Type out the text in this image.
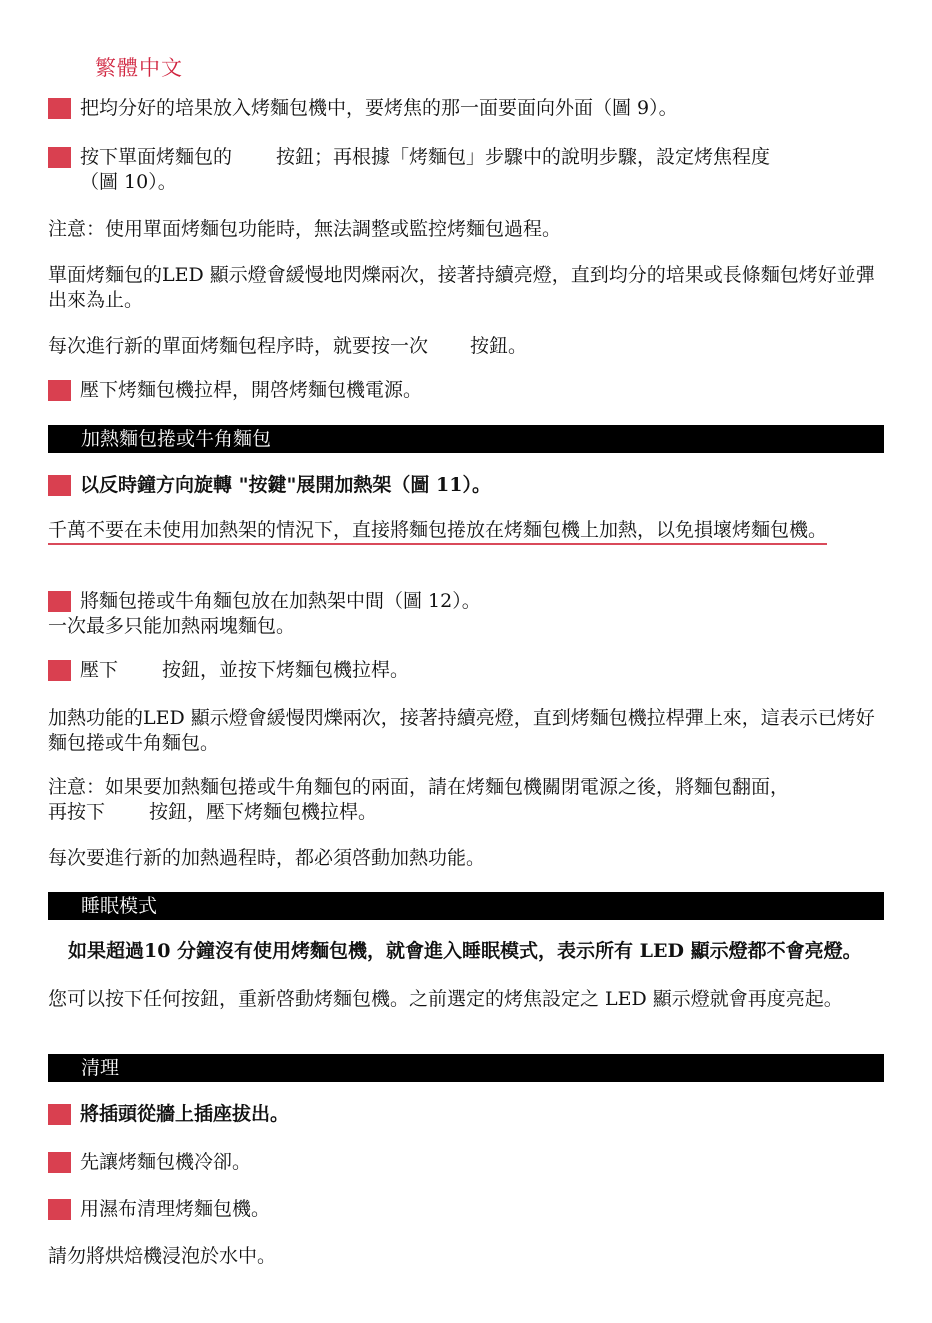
繁體中文
把均分好的培果放入烤麵包機中，要烤焦的那一面要面向外面（圖 9）。
按下單面烤麵包的 按鈕；再根據「烤麵包」步驟中的說明步驟，設定烤焦程度
（圖 10）。
注意：使用單面烤麵包功能時，無法調整或監控烤麵包過程。
單面烤麵包的LED 顯示燈會緩慢地閃爍兩次，接著持續亮燈，直到均分的培果或長條麵包烤好並彈出來為止。
每次進行新的單面烤麵包程序時，就要按一次 按鈕。
壓下烤麵包機拉桿，開啓烤麵包機電源。
加熱麵包捲或牛角麵包
以反時鐘方向旋轉 "按鍵"展開加熱架（圖 11）。
千萬不要在未使用加熱架的情況下，直接將麵包捲放在烤麵包機上加熱，以免損壞烤麵包機。
將麵包捲或牛角麵包放在加熱架中間（圖 12）。
一次最多只能加熱兩塊麵包。
壓下 按鈕，並按下烤麵包機拉桿。
加熱功能的LED 顯示燈會緩慢閃爍兩次，接著持續亮燈，直到烤麵包機拉桿彈上來，這表示已烤好麵包捲或牛角麵包。
注意：如果要加熱麵包捲或牛角麵包的兩面，請在烤麵包機關閉電源之後，將麵包翻面，
再按下 按鈕，壓下烤麵包機拉桿。
每次要進行新的加熱過程時，都必須啓動加熱功能。
睡眠模式
如果超過10 分鐘沒有使用烤麵包機，就會進入睡眠模式，表示所有 LED 顯示燈都不會亮燈。
您可以按下任何按鈕，重新啓動烤麵包機。之前選定的烤焦設定之 LED 顯示燈就會再度亮起。
清理
將插頭從牆上插座拔出。
先讓烤麵包機冷卻。
用濕布清理烤麵包機。
請勿將烘焙機浸泡於水中。
